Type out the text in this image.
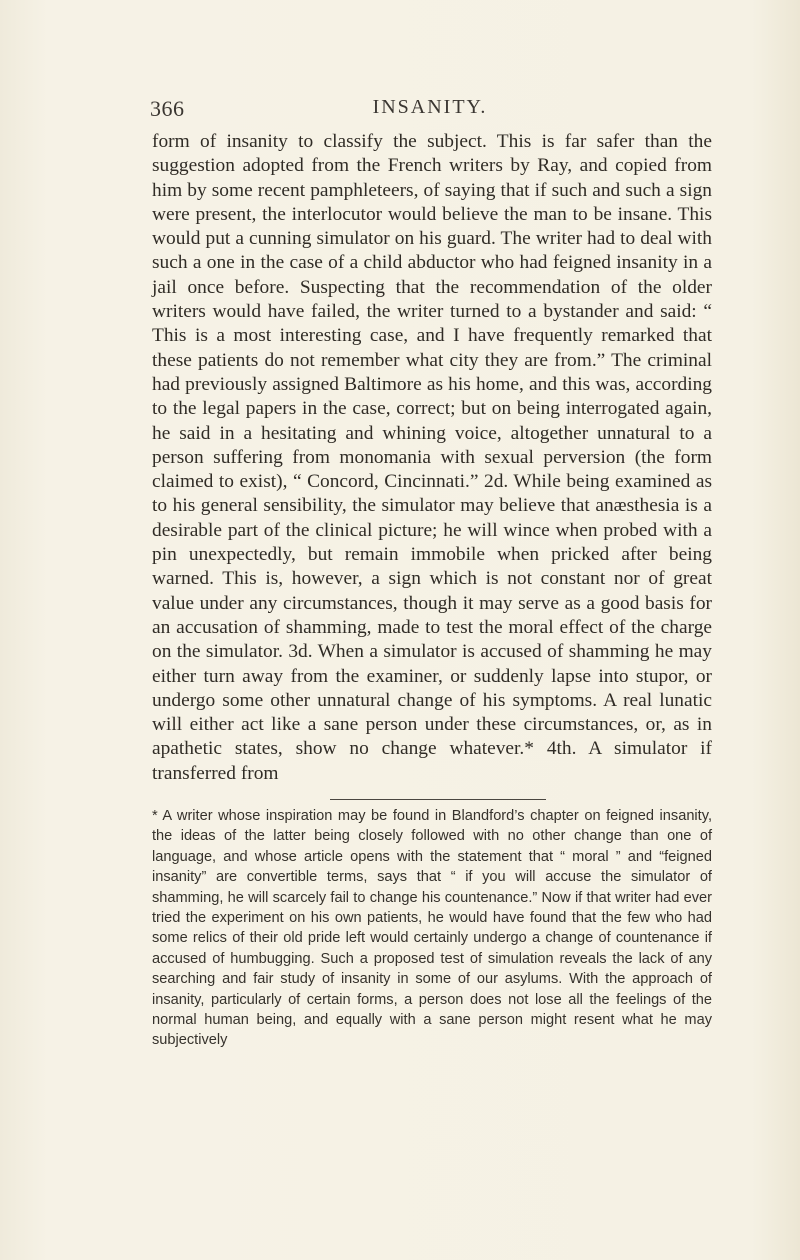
366	INSANITY.

form of insanity to classify the subject. This is far safer than the suggestion adopted from the French writers by Ray, and copied from him by some recent pamphleteers, of saying that if such and such a sign were present, the interlocutor would believe the man to be insane. This would put a cunning simulator on his guard. The writer had to deal with such a one in the case of a child abductor who had feigned insanity in a jail once before. Suspecting that the recommendation of the older writers would have failed, the writer turned to a bystander and said: “ This is a most interesting case, and I have frequently remarked that these patients do not remember what city they are from.” The criminal had previously assigned Baltimore as his home, and this was, according to the legal papers in the case, correct; but on being interrogated again, he said in a hesitating and whining voice, altogether unnatural to a person suffering from monomania with sexual perversion (the form claimed to exist), “ Concord, Cincinnati.” 2d. While being examined as to his general sensibility, the simulator may believe that anæsthesia is a desirable part of the clinical picture; he will wince when probed with a pin unexpectedly, but remain immobile when pricked after being warned. This is, however, a sign which is not constant nor of great value under any circumstances, though it may serve as a good basis for an accusation of shamming, made to test the moral effect of the charge on the simulator. 3d. When a simulator is accused of shamming he may either turn away from the examiner, or suddenly lapse into stupor, or undergo some other unnatural change of his symptoms. A real lunatic will either act like a sane person under these circumstances, or, as in apathetic states, show no change whatever.* 4th. A simulator if transferred from

* A writer whose inspiration may be found in Blandford’s chapter on feigned insanity, the ideas of the latter being closely followed with no other change than one of language, and whose article opens with the statement that “ moral ” and “feigned insanity” are convertible terms, says that “ if you will accuse the simulator of shamming, he will scarcely fail to change his countenance.” Now if that writer had ever tried the experiment on his own patients, he would have found that the few who had some relics of their old pride left would certainly undergo a change of countenance if accused of humbugging. Such a proposed test of simulation reveals the lack of any searching and fair study of insanity in some of our asylums. With the approach of insanity, particularly of certain forms, a person does not lose all the feelings of the normal human being, and equally with a sane person might resent what he may subjectively
